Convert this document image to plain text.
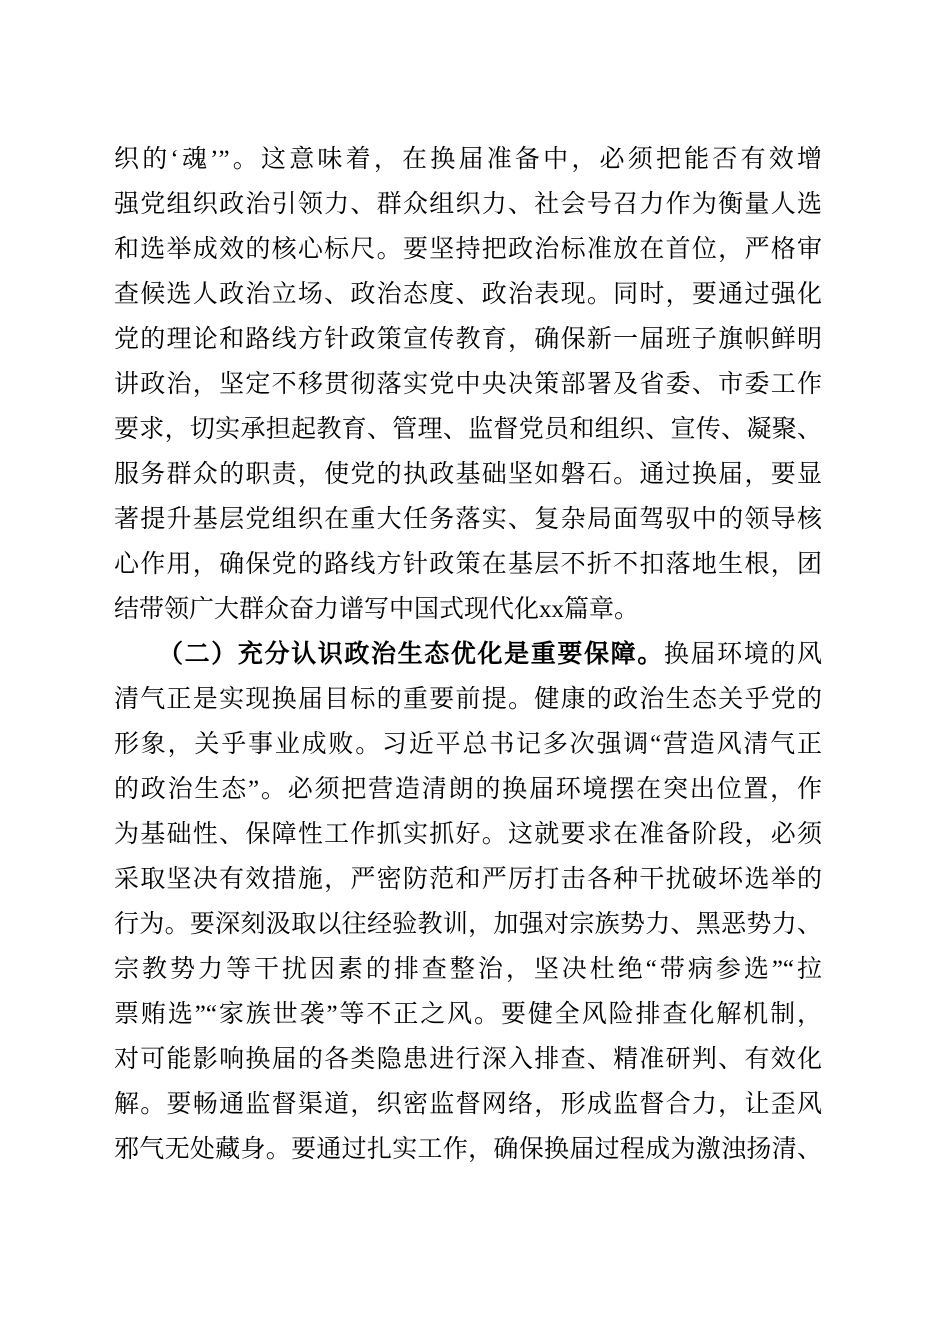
织的‘魂’”。这意味着，在换届准备中，必须把能否有效增
强党组织政治引领力、群众组织力、社会号召力作为衡量人选
和选举成效的核心标尺。要坚持把政治标准放在首位，严格审
查候选人政治立场、政治态度、政治表现。同时，要通过强化
党的理论和路线方针政策宣传教育，确保新一届班子旗帜鲜明
讲政治，坚定不移贯彻落实党中央决策部署及省委、市委工作
要求，切实承担起教育、管理、监督党员和组织、宣传、凝聚、
服务群众的职责，使党的执政基础坚如磐石。通过换届，要显
著提升基层党组织在重大任务落实、复杂局面驾驭中的领导核
心作用，确保党的路线方针政策在基层不折不扣落地生根，团
结带领广大群众奋力谱写中国式现代化xx篇章。
（二）充分认识政治生态优化是重要保障。换届环境的风
清气正是实现换届目标的重要前提。健康的政治生态关乎党的
形象，关乎事业成败。习近平总书记多次强调“营造风清气正
的政治生态”。必须把营造清朗的换届环境摆在突出位置，作
为基础性、保障性工作抓实抓好。这就要求在准备阶段，必须
采取坚决有效措施，严密防范和严厉打击各种干扰破坏选举的
行为。要深刻汲取以往经验教训，加强对宗族势力、黑恶势力、
宗教势力等干扰因素的排查整治，坚决杜绝“带病参选”“拉
票贿选”“家族世袭”等不正之风。要健全风险排查化解机制，
对可能影响换届的各类隐患进行深入排查、精准研判、有效化
解。要畅通监督渠道，织密监督网络，形成监督合力，让歪风
邪气无处藏身。要通过扎实工作，确保换届过程成为激浊扬清、
